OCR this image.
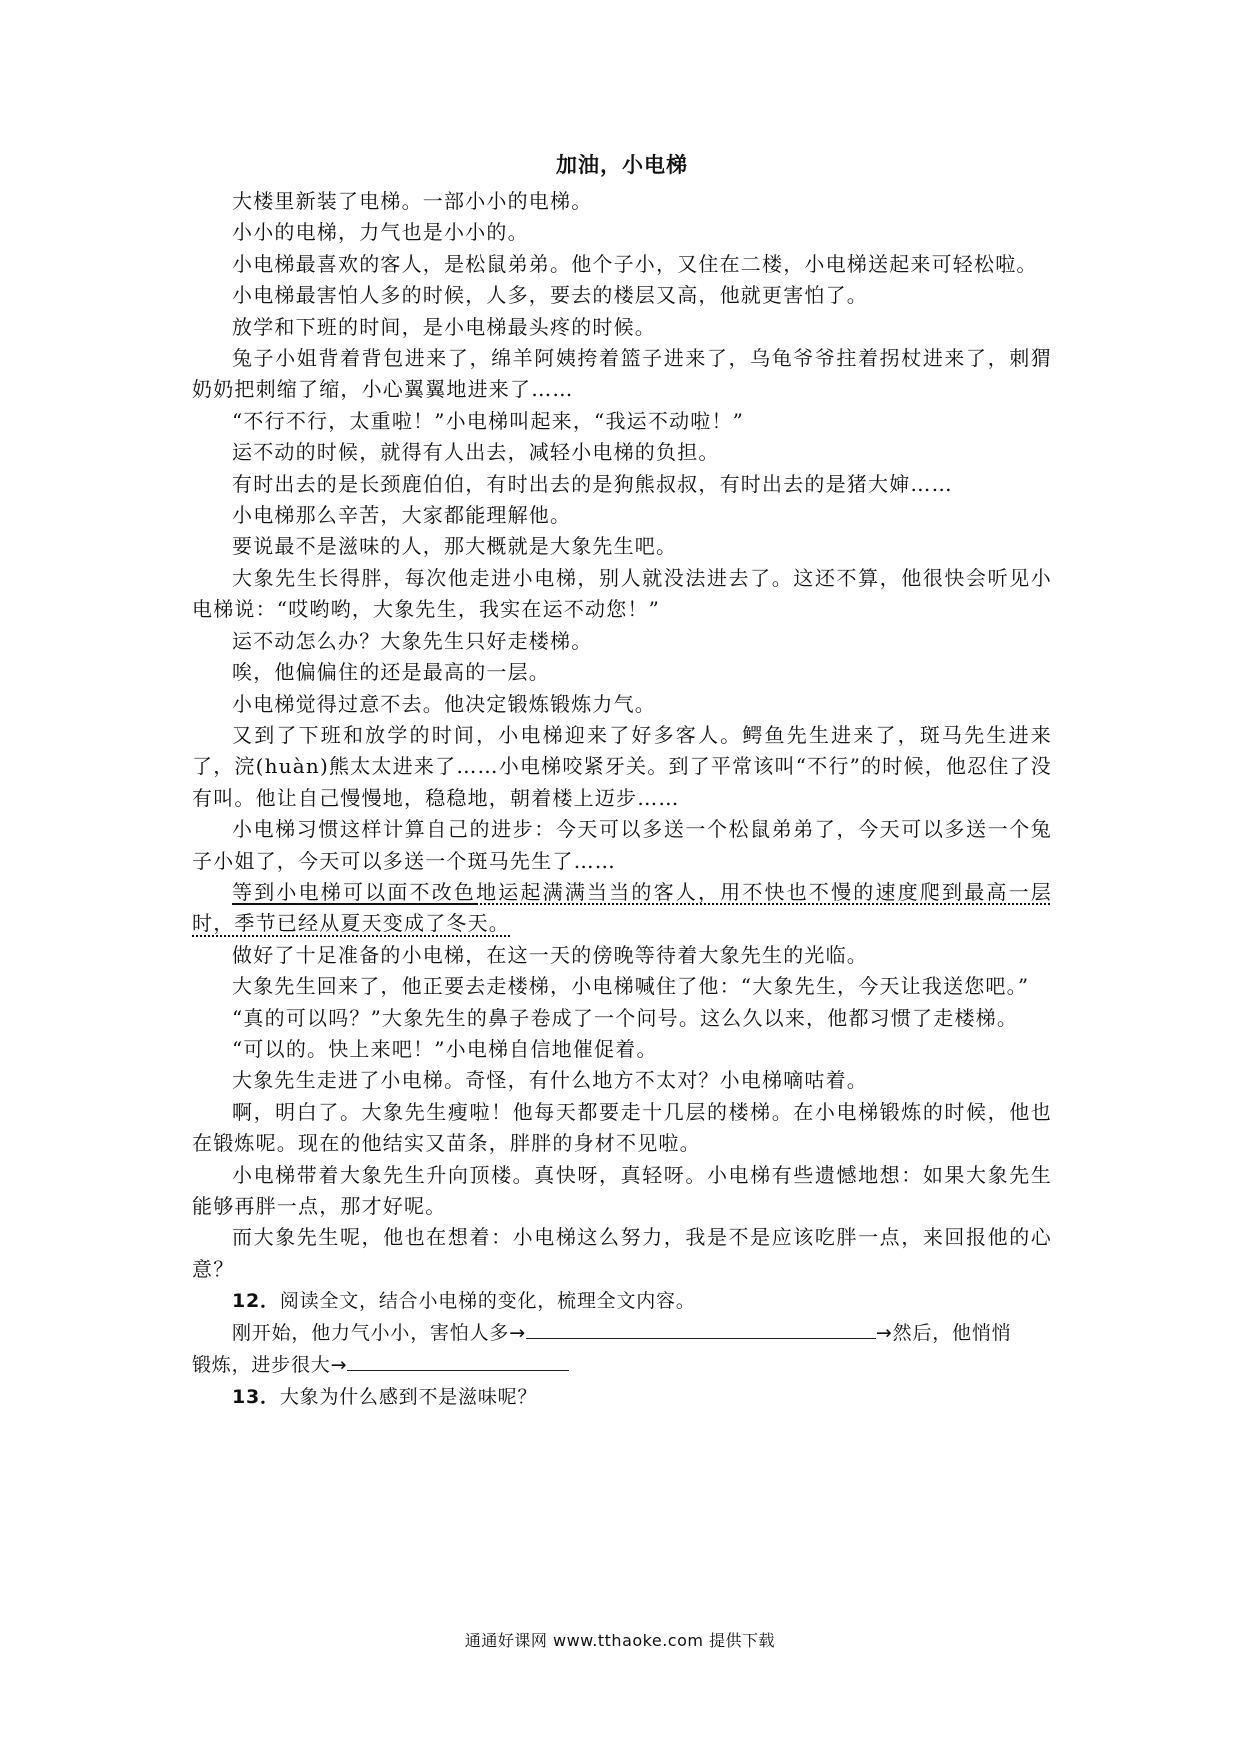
加油，小电梯

大楼里新装了电梯。一部小小的电梯。

小小的电梯，力气也是小小的。

小电梯最喜欢的客人，是松鼠弟弟。他个子小，又住在二楼，小电梯送起来可轻松啦。

小电梯最害怕人多的时候，人多，要去的楼层又高，他就更害怕了。

放学和下班的时间，是小电梯最头疼的时候。

兔子小姐背着背包进来了，绵羊阿姨挎着篮子进来了，乌龟爷爷拄着拐杖进来了，刺猬奶奶把刺缩了缩，小心翼翼地进来了……

“不行不行，太重啦！”小电梯叫起来，“我运不动啦！”

运不动的时候，就得有人出去，减轻小电梯的负担。

有时出去的是长颈鹿伯伯，有时出去的是狗熊叔叔，有时出去的是猪大婶……

小电梯那么辛苦，大家都能理解他。

要说最不是滋味的人，那大概就是大象先生吧。

大象先生长得胖，每次他走进小电梯，别人就没法进去了。这还不算，他很快会听见小电梯说：“哎哟哟，大象先生，我实在运不动您！”

运不动怎么办？大象先生只好走楼梯。

唉，他偏偏住的还是最高的一层。

小电梯觉得过意不去。他决定锻炼锻炼力气。

又到了下班和放学的时间，小电梯迎来了好多客人。鳄鱼先生进来了，斑马先生进来了，浣(huàn)熊太太进来了……小电梯咬紧牙关。到了平常该叫“不行”的时候，他忍住了没有叫。他让自己慢慢地，稳稳地，朝着楼上迈步……

小电梯习惯这样计算自己的进步：今天可以多送一个松鼠弟弟了，今天可以多送一个兔子小姐了，今天可以多送一个斑马先生了……

等到小电梯可以面不改色地运起满满当当的客人，用不快也不慢的速度爬到最高一层时，季节已经从夏天变成了冬天。

做好了十足准备的小电梯，在这一天的傍晚等待着大象先生的光临。

大象先生回来了，他正要去走楼梯，小电梯喊住了他：“大象先生，今天让我送您吧。”

“真的可以吗？”大象先生的鼻子卷成了一个问号。这么久以来，他都习惯了走楼梯。

“可以的。快上来吧！”小电梯自信地催促着。

大象先生走进了小电梯。奇怪，有什么地方不太对？小电梯嘀咕着。

啊，明白了。大象先生瘦啦！他每天都要走十几层的楼梯。在小电梯锻炼的时候，他也在锻炼呢。现在的他结实又苗条，胖胖的身材不见啦。

小电梯带着大象先生升向顶楼。真快呀，真轻呀。小电梯有些遗憾地想：如果大象先生能够再胖一点，那才好呢。

而大象先生呢，他也在想着：小电梯这么努力，我是不是应该吃胖一点，来回报他的心意？

12．阅读全文，结合小电梯的变化，梳理全文内容。

刚开始，他力气小小，害怕人多→	→然后，他悄悄

锻炼，进步很大→

13．大象为什么感到不是滋味呢？

通通好课网 www.tthaoke.com 提供下载
